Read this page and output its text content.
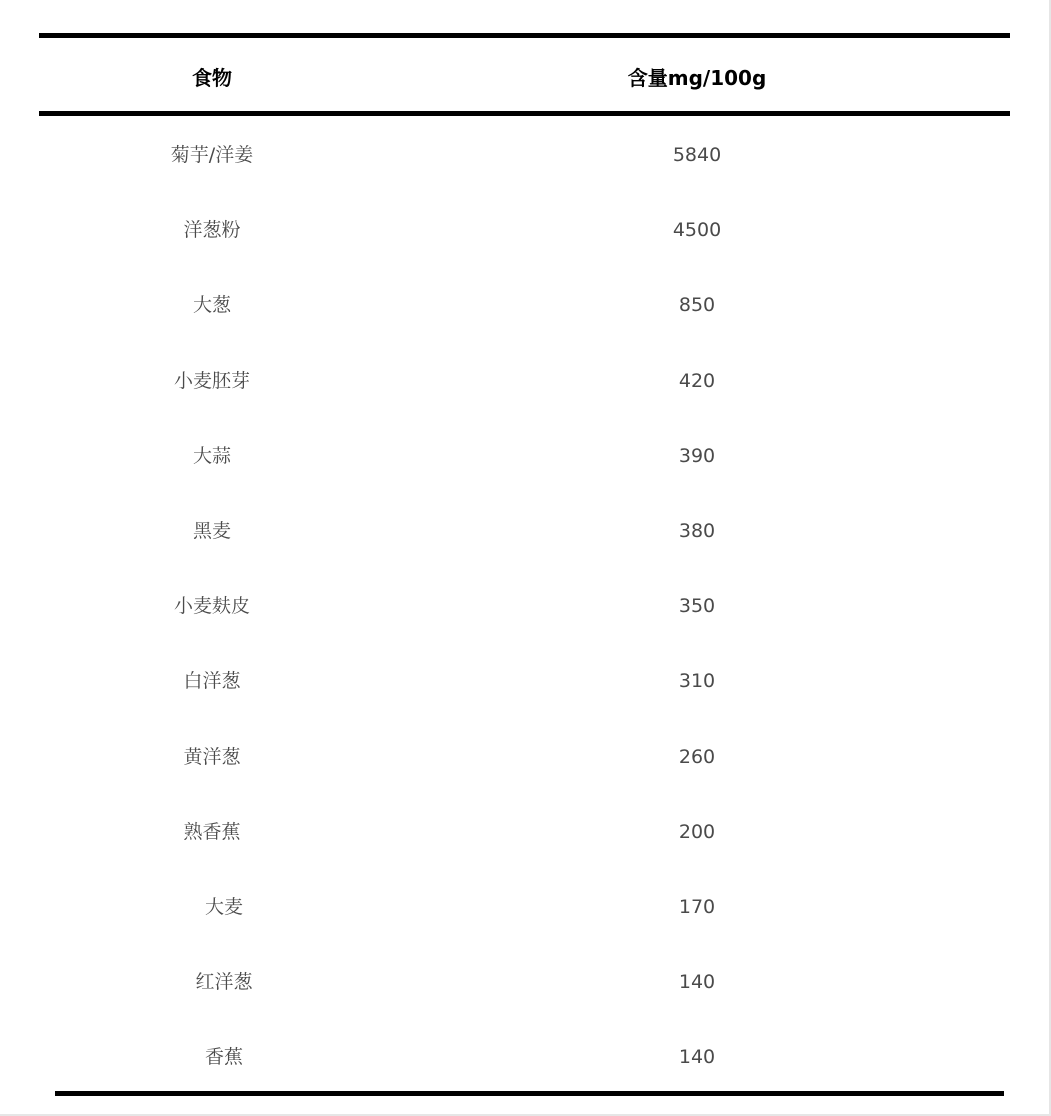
食物	含量mg/100g
菊芋/洋姜	5840
洋葱粉	4500
大葱	850
小麦胚芽	420
大蒜	390
黑麦	380
小麦麸皮	350
白洋葱	310
黄洋葱	260
熟香蕉	200
大麦	170
红洋葱	140
香蕉	140
